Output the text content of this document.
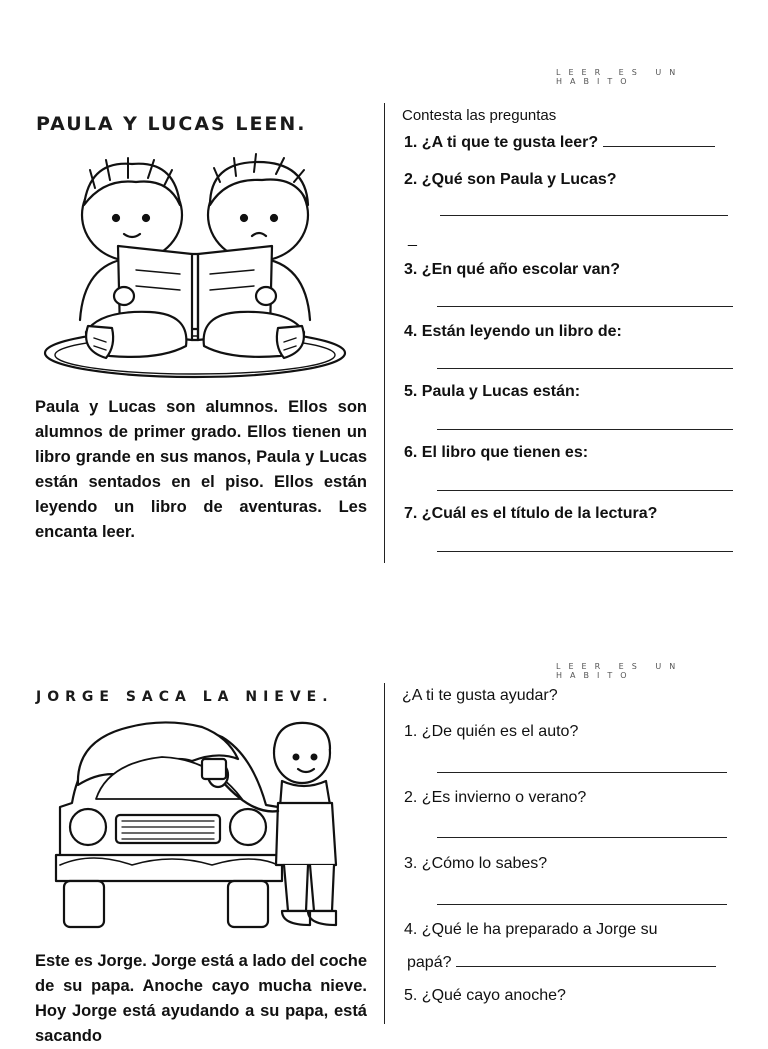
LEER ES UN HABITO
PAULA Y LUCAS LEEN.
Paula y Lucas son alumnos. Ellos son alumnos de primer grado. Ellos tienen un libro grande en sus manos, Paula y Lucas están sentados en el piso. Ellos están leyendo un libro de aventuras. Les encanta leer.
Contesta las preguntas
1. ¿A ti que te gusta leer?
2. ¿Qué son Paula y Lucas?
_
3. ¿En qué año escolar van?
4. Están leyendo un libro de:
5. Paula y Lucas están:
6. El libro que tienen es:
7. ¿Cuál es el título de la lectura?
LEER ES UN HABITO
JORGE SACA LA NIEVE.
Este es Jorge. Jorge está a lado del coche de su papa. Anoche cayo mucha nieve. Hoy Jorge está ayudando a su papa, está sacando
¿A ti te gusta ayudar?
1. ¿De quién es el auto?
2. ¿Es invierno o verano?
3. ¿Cómo lo sabes?
4. ¿Qué le ha preparado a Jorge su
papá?
5. ¿Qué cayo anoche?
